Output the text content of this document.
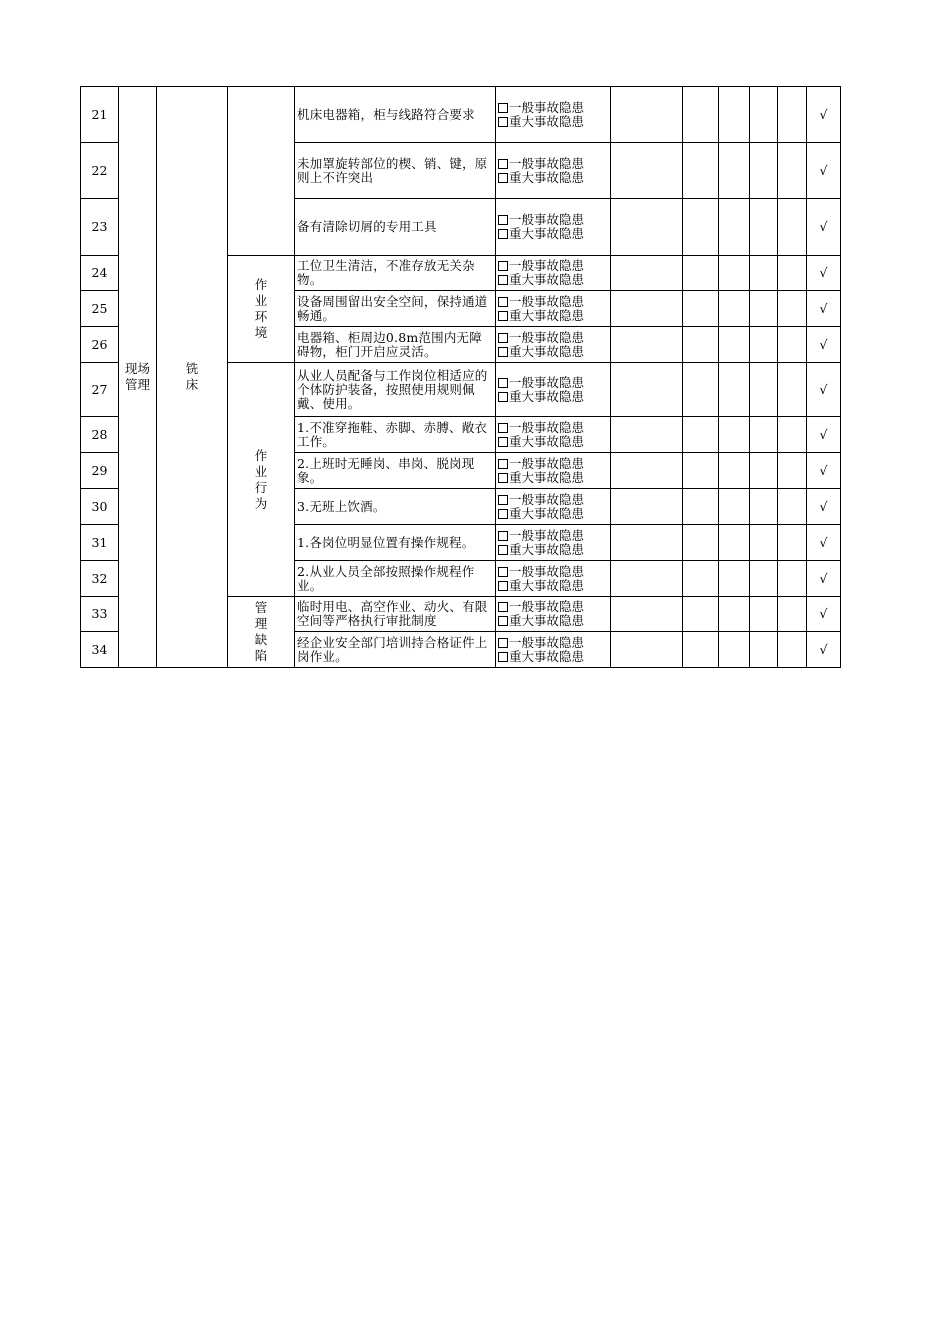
21	现场管理	铣床		机床电器箱，柜与线路符合要求	一般事故隐患
重大事故隐患						√
22				未加罩旋转部位的楔、销、键，原则上不许突出	一般事故隐患
重大事故隐患						√
23				备有清除切屑的专用工具	一般事故隐患
重大事故隐患						√
24			作业环境	工位卫生清洁，不准存放无关杂物。	一般事故隐患
重大事故隐患						√
25				设备周围留出安全空间，保持通道畅通。	一般事故隐患
重大事故隐患						√
26				电器箱、柜周边0.8m范围内无障碍物，柜门开启应灵活。	一般事故隐患
重大事故隐患						√
27			作业行为	从业人员配备与工作岗位相适应的个体防护装备，按照使用规则佩戴、使用。	一般事故隐患
重大事故隐患						√
28				1.不准穿拖鞋、赤脚、赤膊、敞衣工作。	一般事故隐患
重大事故隐患						√
29				2.上班时无睡岗、串岗、脱岗现象。	一般事故隐患
重大事故隐患						√
30				3.无班上饮酒。	一般事故隐患
重大事故隐患						√
31				1.各岗位明显位置有操作规程。	一般事故隐患
重大事故隐患						√
32				2.从业人员全部按照操作规程作业。	一般事故隐患
重大事故隐患						√
33			管理缺陷	临时用电、高空作业、动火、有限空间等严格执行审批制度	一般事故隐患
重大事故隐患						√
34				经企业安全部门培训持合格证件上岗作业。	一般事故隐患
重大事故隐患						√
